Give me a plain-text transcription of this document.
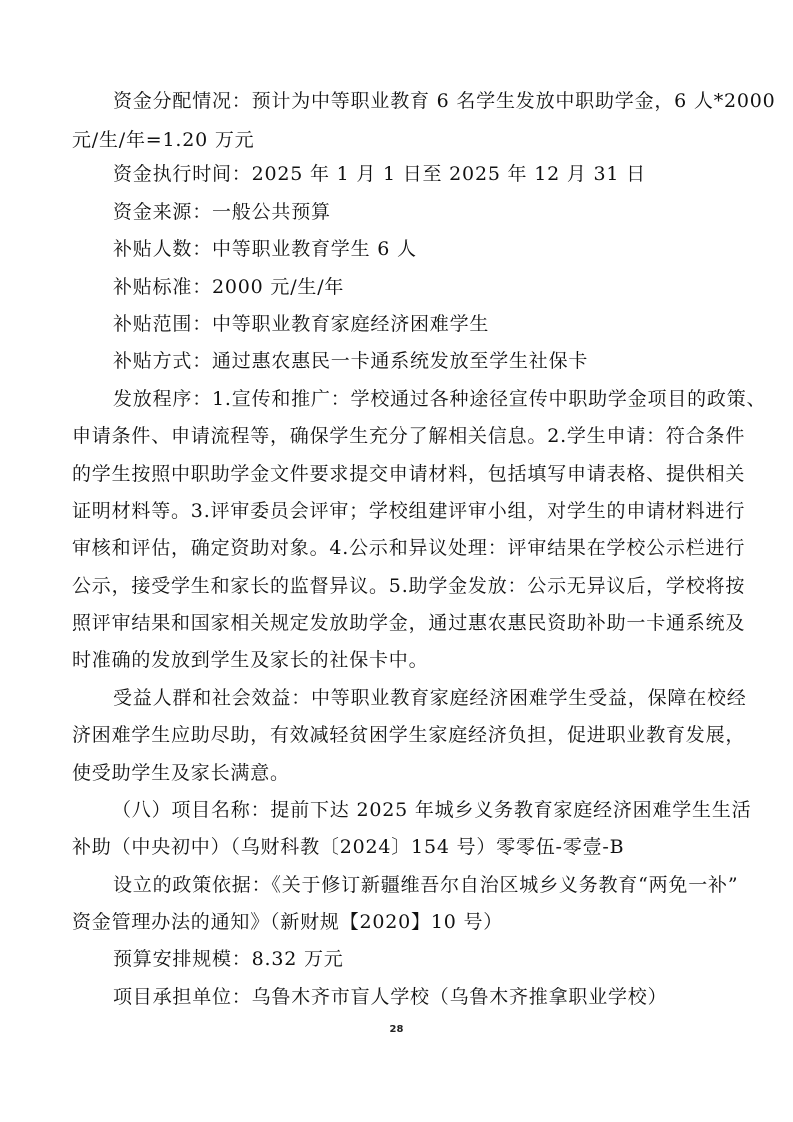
资金分配情况：预计为中等职业教育 6 名学生发放中职助学金，6 人*2000
元/生/年=1.20 万元
资金执行时间：2025 年 1 月 1 日至 2025 年 12 月 31 日
资金来源：一般公共预算
补贴人数：中等职业教育学生 6 人
补贴标准：2000 元/生/年
补贴范围：中等职业教育家庭经济困难学生
补贴方式：通过惠农惠民一卡通系统发放至学生社保卡
发放程序：1.宣传和推广：学校通过各种途径宣传中职助学金项目的政策、
申请条件、申请流程等，确保学生充分了解相关信息。2.学生申请：符合条件
的学生按照中职助学金文件要求提交申请材料，包括填写申请表格、提供相关
证明材料等。3.评审委员会评审；学校组建评审小组，对学生的申请材料进行
审核和评估，确定资助对象。4.公示和异议处理：评审结果在学校公示栏进行
公示，接受学生和家长的监督异议。5.助学金发放：公示无异议后，学校将按
照评审结果和国家相关规定发放助学金，通过惠农惠民资助补助一卡通系统及
时准确的发放到学生及家长的社保卡中。
受益人群和社会效益：中等职业教育家庭经济困难学生受益，保障在校经
济困难学生应助尽助，有效减轻贫困学生家庭经济负担，促进职业教育发展，
使受助学生及家长满意。
（八）项目名称：提前下达 2025 年城乡义务教育家庭经济困难学生生活
补助（中央初中）（乌财科教〔2024〕154 号）零零伍-零壹-B
设立的政策依据：《关于修订新疆维吾尔自治区城乡义务教育“两免一补”
资金管理办法的通知》（新财规【2020】10 号）
预算安排规模：8.32 万元
项目承担单位：乌鲁木齐市盲人学校（乌鲁木齐推拿职业学校）
28
